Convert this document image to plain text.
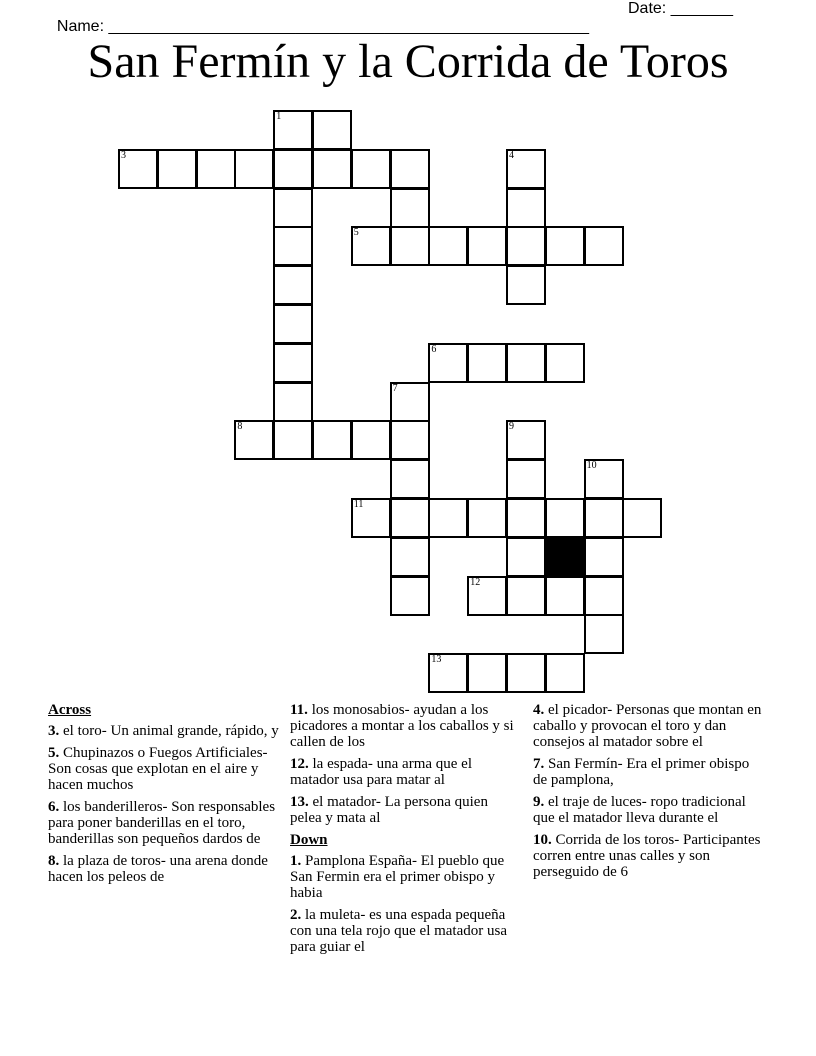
Name: ______________________________________________________

Date: _______

San Fermín y la Corrida de Toros
1
3	4
5
6
7
8	9
10
11
12
13
Across
3. el toro- Un animal grande, rápido, y
5. Chupinazos o Fuegos Artificiales- Son cosas que explotan en el aire y hacen muchos
6. los banderilleros- Son responsables para poner banderillas en el toro, banderillas son pequeños dardos de
8. la plaza de toros- una arena donde hacen los peleos de
11. los monosabios- ayudan a los picadores a montar a los caballos y si callen de los
12. la espada- una arma que el matador usa para matar al
13. el matador- La persona quien pelea y mata al
Down
1. Pamplona España- El pueblo que San Fermin era el primer obispo y habia
2. la muleta- es una espada pequeña con una tela rojo que el matador usa para guiar el
4. el picador- Personas que montan en caballo y provocan el toro y dan consejos al matador sobre el
7. San Fermín- Era el primer obispo de pamplona,
9. el traje de luces- ropo tradicional que el matador lleva durante el
10. Corrida de los toros- Participantes corren entre unas calles y son perseguido de 6
